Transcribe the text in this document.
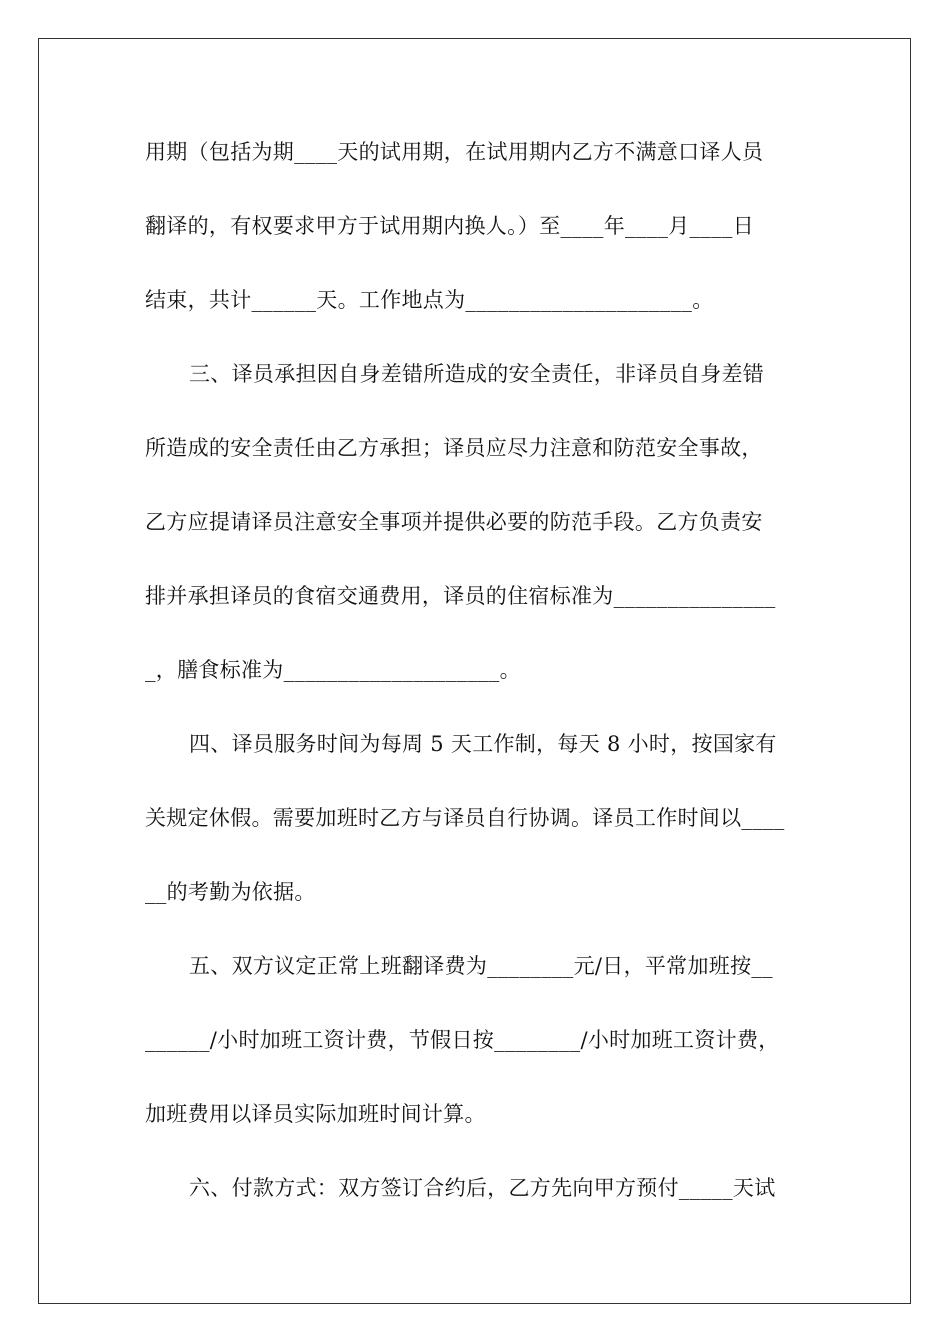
用期（包括为期____天的试用期，在试用期内乙方不满意口译人员
翻译的，有权要求甲方于试用期内换人。）至____年____月____日
结束，共计______天。工作地点为_____________________。
三、译员承担因自身差错所造成的安全责任，非译员自身差错
所造成的安全责任由乙方承担；译员应尽力注意和防范安全事故，
乙方应提请译员注意安全事项并提供必要的防范手段。乙方负责安
排并承担译员的食宿交通费用，译员的住宿标准为_______________
_，膳食标准为____________________。
四、译员服务时间为每周 5 天工作制，每天 8 小时，按国家有
关规定休假。需要加班时乙方与译员自行协调。译员工作时间以____
__的考勤为依据。
五、双方议定正常上班翻译费为________元/日，平常加班按__
______/小时加班工资计费，节假日按________/小时加班工资计费，
加班费用以译员实际加班时间计算。
六、付款方式：双方签订合约后，乙方先向甲方预付_____天试
